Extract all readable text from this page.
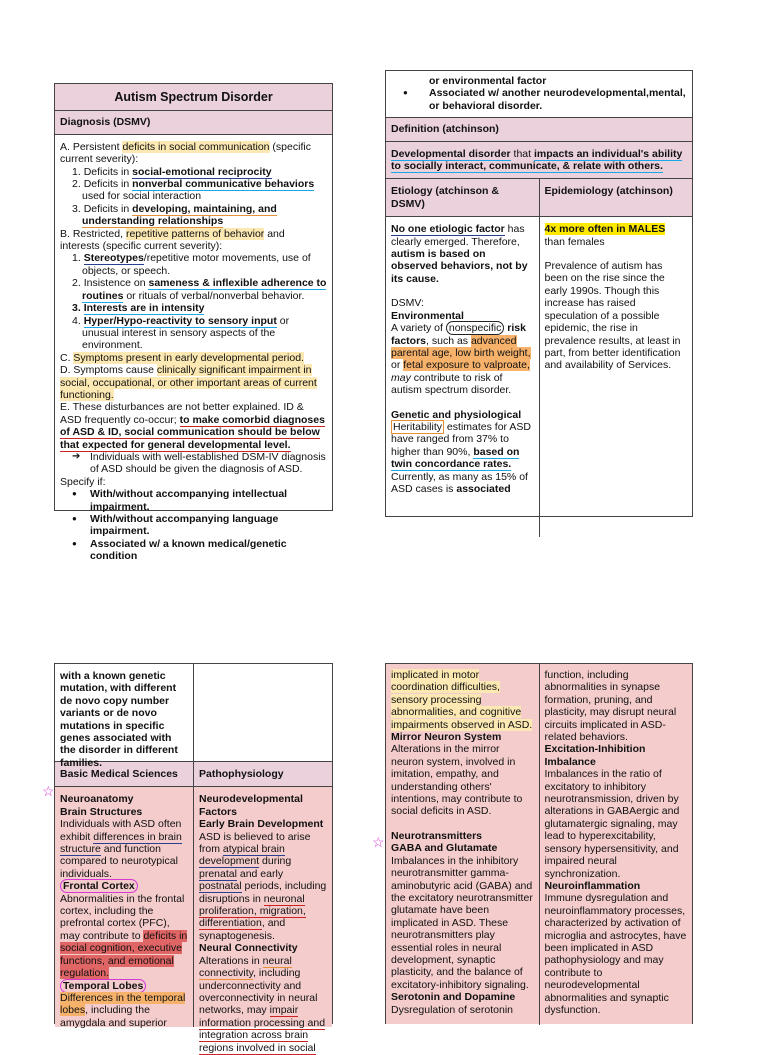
Autism Spectrum Disorder
Diagnosis (DSMV)
A. Persistent deficits in social communication (specific current severity):
1. Deficits in social-emotional reciprocity
2. Deficits in nonverbal communicative behaviors used for social interaction
3. Deficits in developing, maintaining, and understanding relationships
B. Restricted, repetitive patterns of behavior and interests (specific current severity):
1. Stereotypes/repetitive motor movements, use of objects, or speech.
2. Insistence on sameness & inflexible adherence to routines or rituals of verbal/nonverbal behavior.
3. Interests are in intensity
4. Hyper/Hypo-reactivity to sensory input or unusual interest in sensory aspects of the environment.
C. Symptoms present in early developmental period.
D. Symptoms cause clinically significant impairment in social, occupational, or other important areas of current functioning.
E. These disturbances are not better explained. ID & ASD frequently co-occur; to make comorbid diagnoses of ASD & ID, social communication should be below that expected for general developmental level.
➔ Individuals with well-established DSM-IV diagnosis of ASD should be given the diagnosis of ASD.
Specify if:
● With/without accompanying intellectual impairment.
● With/without accompanying language impairment.
● Associated w/ a known medical/genetic condition
or environmental factor
● Associated w/ another neurodevelopmental,mental, or behavioral disorder.
Definition (atchinson)
Developmental disorder that impacts an individual's ability to socially interact, communicate, & relate with others.
Etiology (atchinson & DSMV)
Epidemiology (atchinson)
No one etiologic factor has clearly emerged. Therefore, autism is based on observed behaviors, not by its cause.
DSMV:
Environmental
A variety of nonspecific risk factors, such as advanced parental age, low birth weight, or fetal exposure to valproate, may contribute to risk of autism spectrum disorder.
Genetic and physiological
Heritability estimates for ASD have ranged from 37% to higher than 90%, based on twin concordance rates. Currently, as many as 15% of ASD cases is associated
4x more often in MALES than females
Prevalence of autism has been on the rise since the early 1990s. Though this increase has raised speculation of a possible epidemic, the rise in prevalence results, at least in part, from better identification and availability of Services.
with a known genetic mutation, with different de novo copy number variants or de novo mutations in specific genes associated with the disorder in different families.
Basic Medical Sciences	Pathophysiology
Neuroanatomy
Brain Structures
Individuals with ASD often exhibit differences in brain structure and function compared to neurotypical individuals.
Frontal Cortex
Abnormalities in the frontal cortex, including the prefrontal cortex (PFC), may contribute to deficits in social cognition, executive functions, and emotional regulation.
Temporal Lobes
Differences in the temporal lobes, including the amygdala and superior
Neurodevelopmental Factors
Early Brain Development
ASD is believed to arise from atypical brain development during prenatal and early postnatal periods, including disruptions in neuronal proliferation, migration, differentiation, and synaptogenesis.
Neural Connectivity
Alterations in neural connectivity, including underconnectivity and overconnectivity in neural networks, may impair information processing and integration across brain regions involved in social
☆
implicated in motor coordination difficulties, sensory processing abnormalities, and cognitive impairments observed in ASD.
Mirror Neuron System
Alterations in the mirror neuron system, involved in imitation, empathy, and understanding others' intentions, may contribute to social deficits in ASD.
Neurotransmitters
GABA and Glutamate
Imbalances in the inhibitory neurotransmitter gamma-aminobutyric acid (GABA) and the excitatory neurotransmitter glutamate have been implicated in ASD. These neurotransmitters play essential roles in neural development, synaptic plasticity, and the balance of excitatory-inhibitory signaling.
Serotonin and Dopamine
Dysregulation of serotonin
function, including abnormalities in synapse formation, pruning, and plasticity, may disrupt neural circuits implicated in ASD-related behaviors.
Excitation-Inhibition Imbalance
Imbalances in the ratio of excitatory to inhibitory neurotransmission, driven by alterations in GABAergic and glutamatergic signaling, may lead to hyperexcitability, sensory hypersensitivity, and impaired neural synchronization.
Neuroinflammation
Immune dysregulation and neuroinflammatory processes, characterized by activation of microglia and astrocytes, have been implicated in ASD pathophysiology and may contribute to neurodevelopmental abnormalities and synaptic dysfunction.
☆
